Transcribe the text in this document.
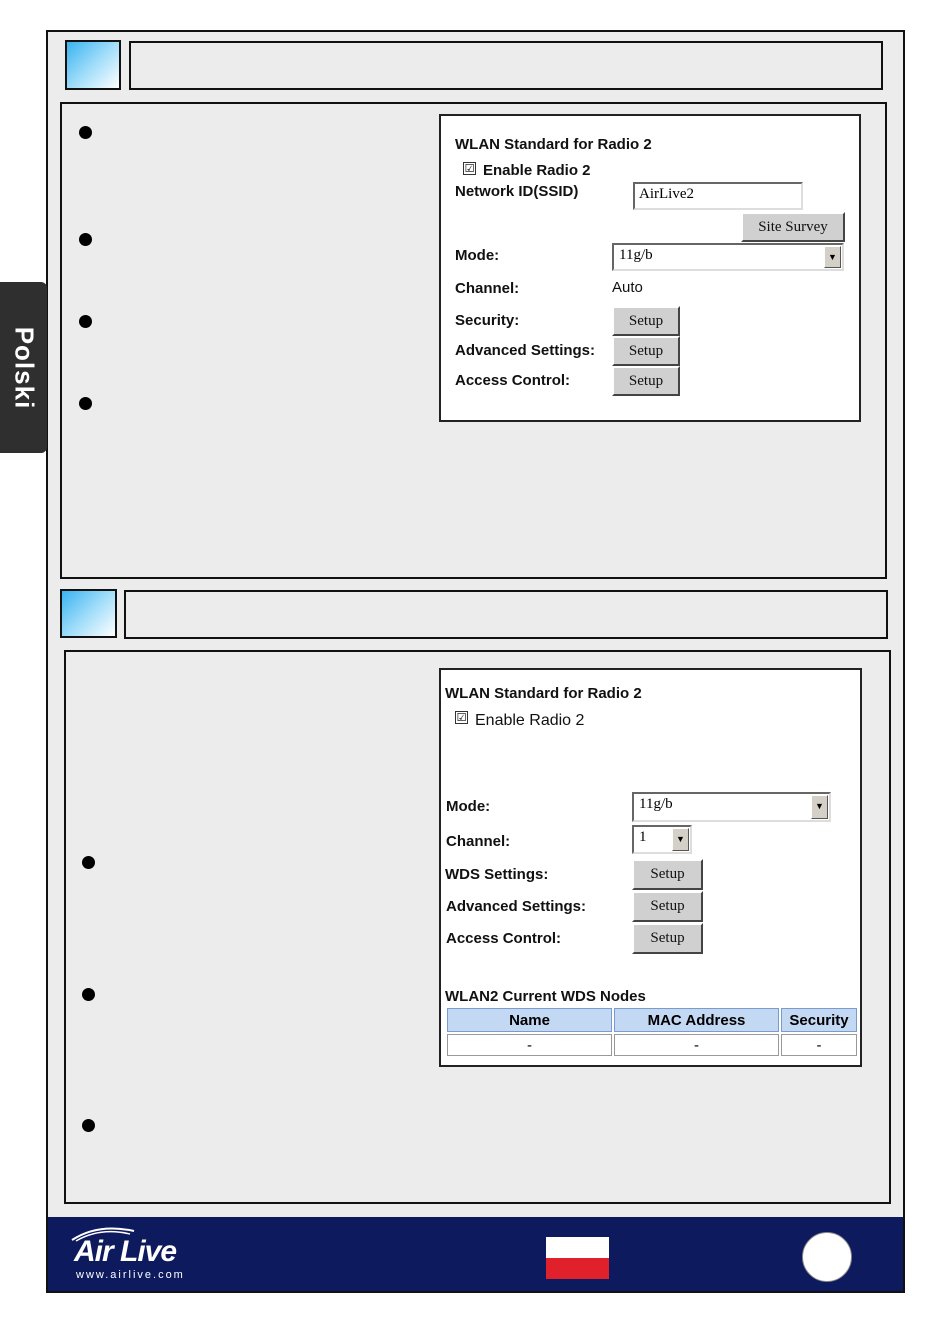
Polski
WLAN Standard for Radio 2
☑ Enable Radio 2
Network ID(SSID)	AirLive2
Site Survey
Mode:	11g/b	▼
Channel:	Auto
Security:	Setup
Advanced Settings:	Setup
Access Control:	Setup
WLAN Standard for Radio 2
☑ Enable Radio 2
Mode:	11g/b	▼
Channel:	1	▼
WDS Settings:	Setup
Advanced Settings:	Setup
Access Control:	Setup
WLAN2 Current WDS Nodes
Name	MAC Address	Security
-	-	-
Air Live
www.airlive.com
